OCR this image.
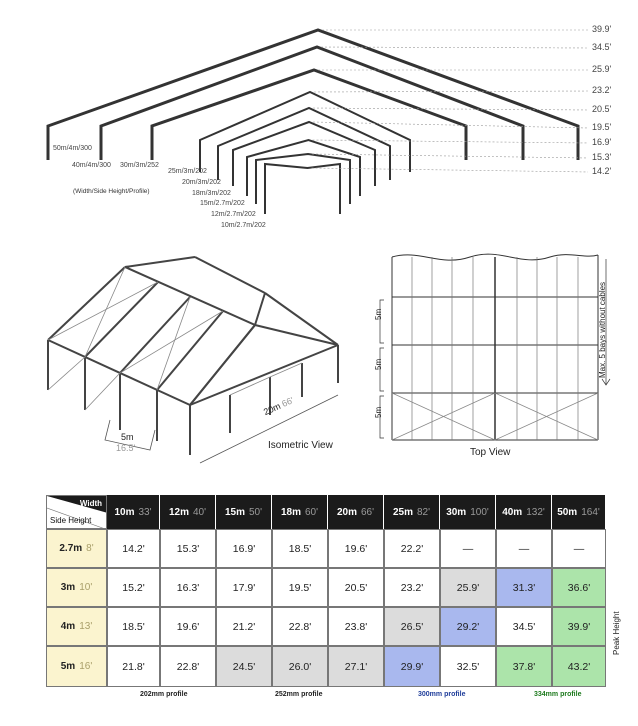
39.9'
34.5'
25.9'
23.2'
20.5'
19.5'
16.9'
15.3'
14.2'
50m/4m/300
40m/4m/300 30m/3m/252
25m/3m/202
20m/3m/202
18m/3m/202
15m/2.7m/202
12m/2.7m/202
10m/2.7m/202
(Width/Side Height/Profile)
5m
16.5'
20m 66'
Isometric View
5m
5m
5m
Max. 5 bays without cables
Top View
Width
Side Height
10m 33' 12m 40' 15m 50' 18m 60' 20m 66' 25m 82' 30m 100' 40m 132' 50m 164'
2.7m 8'	14.2'	15.3'	16.9'	18.5'	19.6'	22.2'	—	—	—
3m 10'	15.2'	16.3'	17.9'	19.5'	20.5'	23.2'	25.9'	31.3'	36.6'
4m 13'	18.5'	19.6'	21.2'	22.8'	23.8'	26.5'	29.2'	34.5'	39.9'
5m 16'	21.8'	22.8'	24.5'	26.0'	27.1'	29.9'	32.5'	37.8'	43.2'
Peak Height
202mm profile	252mm profile	300mm profile	334mm profile
